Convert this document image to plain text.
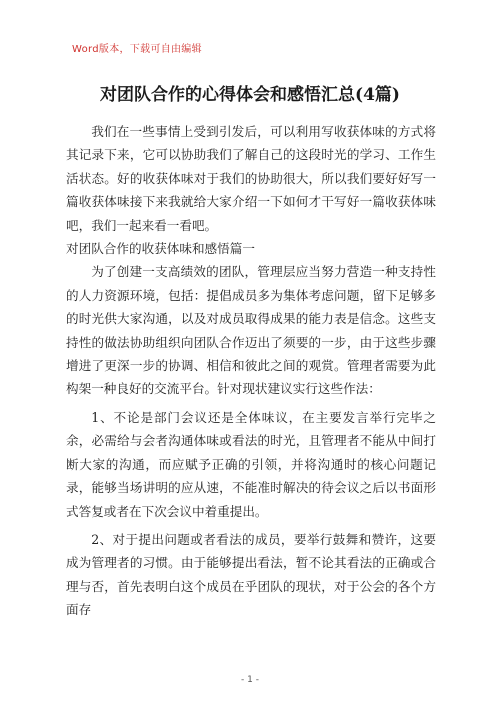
Word版本，下载可自由编辑
对团队合作的心得体会和感悟汇总(4篇)

我们在一些事情上受到引发后，可以利用写收获体味的方式将其记录下来，它可以协助我们了解自己的这段时光的学习、工作生活状态。好的收获体味对于我们的协助很大，所以我们要好好写一篇收获体味接下来我就给大家介绍一下如何才干写好一篇收获体味吧，我们一起来看一看吧。

对团队合作的收获体味和感悟篇一

为了创建一支高绩效的团队，管理层应当努力营造一种支持性的人力资源环境，包括：提倡成员多为集体考虑问题，留下足够多的时光供大家沟通，以及对成员取得成果的能力表是信念。这些支持性的做法协助组织向团队合作迈出了须要的一步，由于这些步骤增进了更深一步的协调、相信和彼此之间的观赏。管理者需要为此构架一种良好的交流平台。针对现状建议实行这些作法：

1、不论是部门会议还是全体味议，在主要发言举行完毕之余，必需给与会者沟通体味或看法的时光，且管理者不能从中间打断大家的沟通，而应赋予正确的引领，并将沟通时的核心问题记录，能够当场讲明的应从速，不能准时解决的待会议之后以书面形式答复或者在下次会议中着重提出。

2、对于提出问题或者看法的成员，要举行鼓舞和赞许，这要成为管理者的习惯。由于能够提出看法，暂不论其看法的正确或合理与否，首先表明白这个成员在乎团队的现状，对于公会的各个方面存

- 1 -
